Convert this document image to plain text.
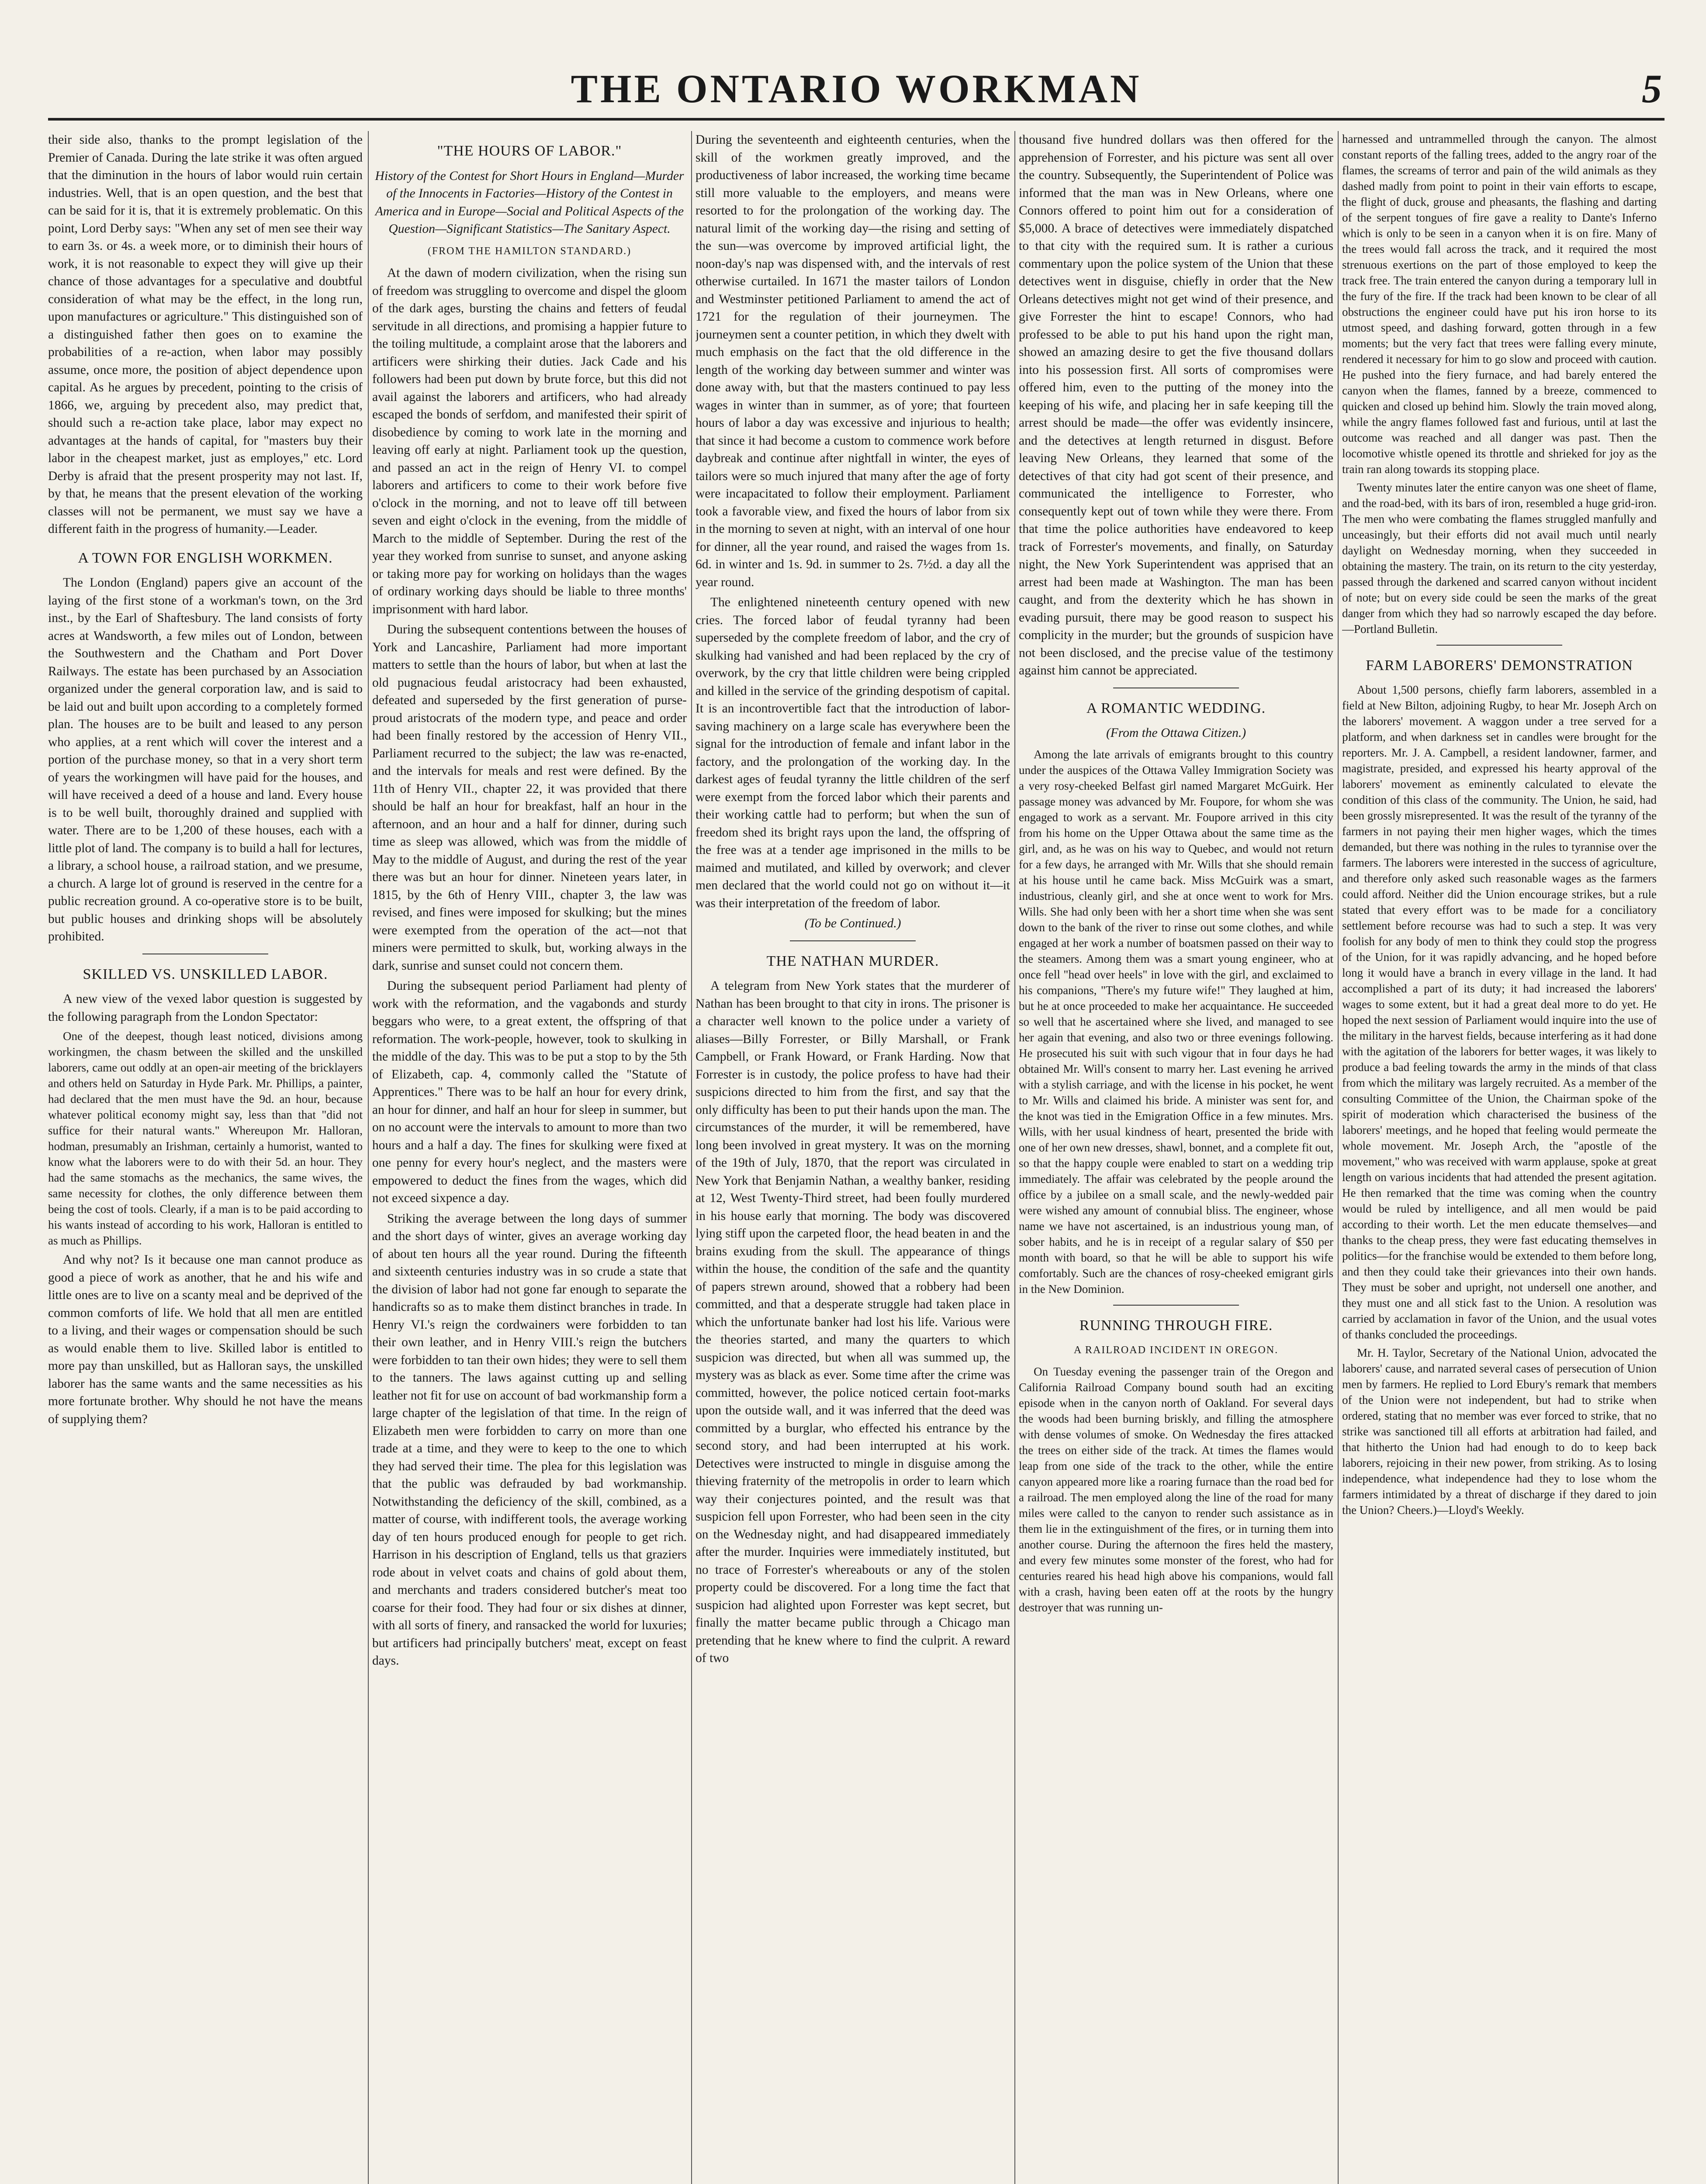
THE ONTARIO WORKMAN	5

their side also, thanks to the prompt legislation of the Premier of Canada. During the late strike it was often argued that the diminution in the hours of labor would ruin certain industries. Well, that is an open question, and the best that can be said for it is, that it is extremely problematic. On this point, Lord Derby says: "When any set of men see their way to earn 3s. or 4s. a week more, or to diminish their hours of work, it is not reasonable to expect they will give up their chance of those advantages for a speculative and doubtful consideration of what may be the effect, in the long run, upon manufactures or agriculture." This distinguished son of a distinguished father then goes on to examine the probabilities of a re-action, when labor may possibly assume, once more, the position of abject dependence upon capital. As he argues by precedent, pointing to the crisis of 1866, we, arguing by precedent also, may predict that, should such a re-action take place, labor may expect no advantages at the hands of capital, for "masters buy their labor in the cheapest market, just as employes," etc. Lord Derby is afraid that the present prosperity may not last. If, by that, he means that the present elevation of the working classes will not be permanent, we must say we have a different faith in the progress of humanity.—Leader.

A TOWN FOR ENGLISH WORKMEN.

The London (England) papers give an account of the laying of the first stone of a workman's town, on the 3rd inst., by the Earl of Shaftesbury. The land consists of forty acres at Wandsworth, a few miles out of London, between the Southwestern and the Chatham and Port Dover Railways. The estate has been purchased by an Association organized under the general corporation law, and is said to be laid out and built upon according to a completely formed plan. The houses are to be built and leased to any person who applies, at a rent which will cover the interest and a portion of the purchase money, so that in a very short term of years the workingmen will have paid for the houses, and will have received a deed of a house and land. Every house is to be well built, thoroughly drained and supplied with water. There are to be 1,200 of these houses, each with a little plot of land. The company is to build a hall for lectures, a library, a school house, a railroad station, and we presume, a church. A large lot of ground is reserved in the centre for a public recreation ground. A co-operative store is to be built, but public houses and drinking shops will be absolutely prohibited.

SKILLED VS. UNSKILLED LABOR.

A new view of the vexed labor question is suggested by the following paragraph from the London Spectator:

One of the deepest, though least noticed, divisions among workingmen, the chasm between the skilled and the unskilled laborers, came out oddly at an open-air meeting of the bricklayers and others held on Saturday in Hyde Park. Mr. Phillips, a painter, had declared that the men must have the 9d. an hour, because whatever political economy might say, less than that "did not suffice for their natural wants." Whereupon Mr. Halloran, hodman, presumably an Irishman, certainly a humorist, wanted to know what the laborers were to do with their 5d. an hour. They had the same stomachs as the mechanics, the same wives, the same necessity for clothes, the only difference between them being the cost of tools. Clearly, if a man is to be paid according to his wants instead of according to his work, Halloran is entitled to as much as Phillips.

And why not? Is it because one man cannot produce as good a piece of work as another, that he and his wife and little ones are to live on a scanty meal and be deprived of the common comforts of life. We hold that all men are entitled to a living, and their wages or compensation should be such as would enable them to live. Skilled labor is entitled to more pay than unskilled, but as Halloran says, the unskilled laborer has the same wants and the same necessities as his more fortunate brother. Why should he not have the means of supplying them?

"THE HOURS OF LABOR."

History of the Contest for Short Hours in England—Murder of the Innocents in Factories—History of the Contest in America and in Europe—Social and Political Aspects of the Question—Significant Statistics—The Sanitary Aspect.

(FROM THE HAMILTON STANDARD.)

At the dawn of modern civilization, when the rising sun of freedom was struggling to overcome and dispel the gloom of the dark ages, bursting the chains and fetters of feudal servitude in all directions, and promising a happier future to the toiling multitude, a complaint arose that the laborers and artificers were shirking their duties. Jack Cade and his followers had been put down by brute force, but this did not avail against the laborers and artificers, who had already escaped the bonds of serfdom, and manifested their spirit of disobedience by coming to work late in the morning and leaving off early at night. Parliament took up the question, and passed an act in the reign of Henry VI. to compel laborers and artificers to come to their work before five o'clock in the morning, and not to leave off till between seven and eight o'clock in the evening, from the middle of March to the middle of September. During the rest of the year they worked from sunrise to sunset, and anyone asking or taking more pay for working on holidays than the wages of ordinary working days should be liable to three months' imprisonment with hard labor.

During the subsequent contentions between the houses of York and Lancashire, Parliament had more important matters to settle than the hours of labor, but when at last the old pugnacious feudal aristocracy had been exhausted, defeated and superseded by the first generation of purse-proud aristocrats of the modern type, and peace and order had been finally restored by the accession of Henry VII., Parliament recurred to the subject; the law was re-enacted, and the intervals for meals and rest were defined. By the 11th of Henry VII., chapter 22, it was provided that there should be half an hour for breakfast, half an hour in the afternoon, and an hour and a half for dinner, during such time as sleep was allowed, which was from the middle of May to the middle of August, and during the rest of the year there was but an hour for dinner. Nineteen years later, in 1815, by the 6th of Henry VIII., chapter 3, the law was revised, and fines were imposed for skulking; but the mines were exempted from the operation of the act—not that miners were permitted to skulk, but, working always in the dark, sunrise and sunset could not concern them.

During the subsequent period Parliament had plenty of work with the reformation, and the vagabonds and sturdy beggars who were, to a great extent, the offspring of that reformation. The work-people, however, took to skulking in the middle of the day. This was to be put a stop to by the 5th of Elizabeth, cap. 4, commonly called the "Statute of Apprentices." There was to be half an hour for every drink, an hour for dinner, and half an hour for sleep in summer, but on no account were the intervals to amount to more than two hours and a half a day. The fines for skulking were fixed at one penny for every hour's neglect, and the masters were empowered to deduct the fines from the wages, which did not exceed sixpence a day.

Striking the average between the long days of summer and the short days of winter, gives an average working day of about ten hours all the year round. During the fifteenth and sixteenth centuries industry was in so crude a state that the division of labor had not gone far enough to separate the handicrafts so as to make them distinct branches in trade. In Henry VI.'s reign the cordwainers were forbidden to tan their own leather, and in Henry VIII.'s reign the butchers were forbidden to tan their own hides; they were to sell them to the tanners. The laws against cutting up and selling leather not fit for use on account of bad workmanship form a large chapter of the legislation of that time. In the reign of Elizabeth men were forbidden to carry on more than one trade at a time, and they were to keep to the one to which they had served their time. The plea for this legislation was that the public was defrauded by bad workmanship. Notwithstanding the deficiency of the skill, combined, as a matter of course, with indifferent tools, the average working day of ten hours produced enough for people to get rich. Harrison in his description of England, tells us that graziers rode about in velvet coats and chains of gold about them, and merchants and traders considered butcher's meat too coarse for their food. They had four or six dishes at dinner, with all sorts of finery, and ransacked the world for luxuries; but artificers had principally butchers' meat, except on feast days.

During the seventeenth and eighteenth centuries, when the skill of the workmen greatly improved, and the productiveness of labor increased, the working time became still more valuable to the employers, and means were resorted to for the prolongation of the working day. The natural limit of the working day—the rising and setting of the sun—was overcome by improved artificial light, the noon-day's nap was dispensed with, and the intervals of rest otherwise curtailed. In 1671 the master tailors of London and Westminster petitioned Parliament to amend the act of 1721 for the regulation of their journeymen. The journeymen sent a counter petition, in which they dwelt with much emphasis on the fact that the old difference in the length of the working day between summer and winter was done away with, but that the masters continued to pay less wages in winter than in summer, as of yore; that fourteen hours of labor a day was excessive and injurious to health; that since it had become a custom to commence work before daybreak and continue after nightfall in winter, the eyes of tailors were so much injured that many after the age of forty were incapacitated to follow their employment. Parliament took a favorable view, and fixed the hours of labor from six in the morning to seven at night, with an interval of one hour for dinner, all the year round, and raised the wages from 1s. 6d. in winter and 1s. 9d. in summer to 2s. 7½d. a day all the year round.

The enlightened nineteenth century opened with new cries. The forced labor of feudal tyranny had been superseded by the complete freedom of labor, and the cry of skulking had vanished and had been replaced by the cry of overwork, by the cry that little children were being crippled and killed in the service of the grinding despotism of capital. It is an incontrovertible fact that the introduction of labor-saving machinery on a large scale has everywhere been the signal for the introduction of female and infant labor in the factory, and the prolongation of the working day. In the darkest ages of feudal tyranny the little children of the serf were exempt from the forced labor which their parents and their working cattle had to perform; but when the sun of freedom shed its bright rays upon the land, the offspring of the free was at a tender age imprisoned in the mills to be maimed and mutilated, and killed by overwork; and clever men declared that the world could not go on without it—it was their interpretation of the freedom of labor.

(To be Continued.)

THE NATHAN MURDER.

A telegram from New York states that the murderer of Nathan has been brought to that city in irons. The prisoner is a character well known to the police under a variety of aliases—Billy Forrester, or Billy Marshall, or Frank Campbell, or Frank Howard, or Frank Harding. Now that Forrester is in custody, the police profess to have had their suspicions directed to him from the first, and say that the only difficulty has been to put their hands upon the man. The circumstances of the murder, it will be remembered, have long been involved in great mystery. It was on the morning of the 19th of July, 1870, that the report was circulated in New York that Benjamin Nathan, a wealthy banker, residing at 12, West Twenty-Third street, had been foully murdered in his house early that morning. The body was discovered lying stiff upon the carpeted floor, the head beaten in and the brains exuding from the skull. The appearance of things within the house, the condition of the safe and the quantity of papers strewn around, showed that a robbery had been committed, and that a desperate struggle had taken place in which the unfortunate banker had lost his life. Various were the theories started, and many the quarters to which suspicion was directed, but when all was summed up, the mystery was as black as ever. Some time after the crime was committed, however, the police noticed certain foot-marks upon the outside wall, and it was inferred that the deed was committed by a burglar, who effected his entrance by the second story, and had been interrupted at his work. Detectives were instructed to mingle in disguise among the thieving fraternity of the metropolis in order to learn which way their conjectures pointed, and the result was that suspicion fell upon Forrester, who had been seen in the city on the Wednesday night, and had disappeared immediately after the murder. Inquiries were immediately instituted, but no trace of Forrester's whereabouts or any of the stolen property could be discovered. For a long time the fact that suspicion had alighted upon Forrester was kept secret, but finally the matter became public through a Chicago man pretending that he knew where to find the culprit. A reward of two

thousand five hundred dollars was then offered for the apprehension of Forrester, and his picture was sent all over the country. Subsequently, the Superintendent of Police was informed that the man was in New Orleans, where one Connors offered to point him out for a consideration of $5,000. A brace of detectives were immediately dispatched to that city with the required sum. It is rather a curious commentary upon the police system of the Union that these detectives went in disguise, chiefly in order that the New Orleans detectives might not get wind of their presence, and give Forrester the hint to escape! Connors, who had professed to be able to put his hand upon the right man, showed an amazing desire to get the five thousand dollars into his possession first. All sorts of compromises were offered him, even to the putting of the money into the keeping of his wife, and placing her in safe keeping till the arrest should be made—the offer was evidently insincere, and the detectives at length returned in disgust. Before leaving New Orleans, they learned that some of the detectives of that city had got scent of their presence, and communicated the intelligence to Forrester, who consequently kept out of town while they were there. From that time the police authorities have endeavored to keep track of Forrester's movements, and finally, on Saturday night, the New York Superintendent was apprised that an arrest had been made at Washington. The man has been caught, and from the dexterity which he has shown in evading pursuit, there may be good reason to suspect his complicity in the murder; but the grounds of suspicion have not been disclosed, and the precise value of the testimony against him cannot be appreciated.

A ROMANTIC WEDDING.

(From the Ottawa Citizen.)

Among the late arrivals of emigrants brought to this country under the auspices of the Ottawa Valley Immigration Society was a very rosy-cheeked Belfast girl named Margaret McGuirk. Her passage money was advanced by Mr. Foupore, for whom she was engaged to work as a servant. Mr. Foupore arrived in this city from his home on the Upper Ottawa about the same time as the girl, and, as he was on his way to Quebec, and would not return for a few days, he arranged with Mr. Wills that she should remain at his house until he came back. Miss McGuirk was a smart, industrious, cleanly girl, and she at once went to work for Mrs. Wills. She had only been with her a short time when she was sent down to the bank of the river to rinse out some clothes, and while engaged at her work a number of boatsmen passed on their way to the steamers. Among them was a smart young engineer, who at once fell "head over heels" in love with the girl, and exclaimed to his companions, "There's my future wife!" They laughed at him, but he at once proceeded to make her acquaintance. He succeeded so well that he ascertained where she lived, and managed to see her again that evening, and also two or three evenings following. He prosecuted his suit with such vigour that in four days he had obtained Mr. Will's consent to marry her. Last evening he arrived with a stylish carriage, and with the license in his pocket, he went to Mr. Wills and claimed his bride. A minister was sent for, and the knot was tied in the Emigration Office in a few minutes. Mrs. Wills, with her usual kindness of heart, presented the bride with one of her own new dresses, shawl, bonnet, and a complete fit out, so that the happy couple were enabled to start on a wedding trip immediately. The affair was celebrated by the people around the office by a jubilee on a small scale, and the newly-wedded pair were wished any amount of connubial bliss. The engineer, whose name we have not ascertained, is an industrious young man, of sober habits, and he is in receipt of a regular salary of $50 per month with board, so that he will be able to support his wife comfortably. Such are the chances of rosy-cheeked emigrant girls in the New Dominion.

RUNNING THROUGH FIRE.

A RAILROAD INCIDENT IN OREGON.

On Tuesday evening the passenger train of the Oregon and California Railroad Company bound south had an exciting episode when in the canyon north of Oakland. For several days the woods had been burning briskly, and filling the atmosphere with dense volumes of smoke. On Wednesday the fires attacked the trees on either side of the track. At times the flames would leap from one side of the track to the other, while the entire canyon appeared more like a roaring furnace than the road bed for a railroad. The men employed along the line of the road for many miles were called to the canyon to render such assistance as in them lie in the extinguishment of the fires, or in turning them into another course. During the afternoon the fires held the mastery, and every few minutes some monster of the forest, who had for centuries reared his head high above his companions, would fall with a crash, having been eaten off at the roots by the hungry destroyer that was running un-

harnessed and untrammelled through the canyon. The almost constant reports of the falling trees, added to the angry roar of the flames, the screams of terror and pain of the wild animals as they dashed madly from point to point in their vain efforts to escape, the flight of duck, grouse and pheasants, the flashing and darting of the serpent tongues of fire gave a reality to Dante's Inferno which is only to be seen in a canyon when it is on fire. Many of the trees would fall across the track, and it required the most strenuous exertions on the part of those employed to keep the track free. The train entered the canyon during a temporary lull in the fury of the fire. If the track had been known to be clear of all obstructions the engineer could have put his iron horse to its utmost speed, and dashing forward, gotten through in a few moments; but the very fact that trees were falling every minute, rendered it necessary for him to go slow and proceed with caution. He pushed into the fiery furnace, and had barely entered the canyon when the flames, fanned by a breeze, commenced to quicken and closed up behind him. Slowly the train moved along, while the angry flames followed fast and furious, until at last the outcome was reached and all danger was past. Then the locomotive whistle opened its throttle and shrieked for joy as the train ran along towards its stopping place.

Twenty minutes later the entire canyon was one sheet of flame, and the road-bed, with its bars of iron, resembled a huge grid-iron. The men who were combating the flames struggled manfully and unceasingly, but their efforts did not avail much until nearly daylight on Wednesday morning, when they succeeded in obtaining the mastery. The train, on its return to the city yesterday, passed through the darkened and scarred canyon without incident of note; but on every side could be seen the marks of the great danger from which they had so narrowly escaped the day before.—Portland Bulletin.

FARM LABORERS' DEMONSTRATION

About 1,500 persons, chiefly farm laborers, assembled in a field at New Bilton, adjoining Rugby, to hear Mr. Joseph Arch on the laborers' movement. A waggon under a tree served for a platform, and when darkness set in candles were brought for the reporters. Mr. J. A. Campbell, a resident landowner, farmer, and magistrate, presided, and expressed his hearty approval of the laborers' movement as eminently calculated to elevate the condition of this class of the community. The Union, he said, had been grossly misrepresented. It was the result of the tyranny of the farmers in not paying their men higher wages, which the times demanded, but there was nothing in the rules to tyrannise over the farmers. The laborers were interested in the success of agriculture, and therefore only asked such reasonable wages as the farmers could afford. Neither did the Union encourage strikes, but a rule stated that every effort was to be made for a conciliatory settlement before recourse was had to such a step. It was very foolish for any body of men to think they could stop the progress of the Union, for it was rapidly advancing, and he hoped before long it would have a branch in every village in the land. It had accomplished a part of its duty; it had increased the laborers' wages to some extent, but it had a great deal more to do yet. He hoped the next session of Parliament would inquire into the use of the military in the harvest fields, because interfering as it had done with the agitation of the laborers for better wages, it was likely to produce a bad feeling towards the army in the minds of that class from which the military was largely recruited. As a member of the consulting Committee of the Union, the Chairman spoke of the spirit of moderation which characterised the business of the laborers' meetings, and he hoped that feeling would permeate the whole movement. Mr. Joseph Arch, the "apostle of the movement," who was received with warm applause, spoke at great length on various incidents that had attended the present agitation. He then remarked that the time was coming when the country would be ruled by intelligence, and all men would be paid according to their worth. Let the men educate themselves—and thanks to the cheap press, they were fast educating themselves in politics—for the franchise would be extended to them before long, and then they could take their grievances into their own hands. They must be sober and upright, not undersell one another, and they must one and all stick fast to the Union. A resolution was carried by acclamation in favor of the Union, and the usual votes of thanks concluded the proceedings.

Mr. H. Taylor, Secretary of the National Union, advocated the laborers' cause, and narrated several cases of persecution of Union men by farmers. He replied to Lord Ebury's remark that members of the Union were not independent, but had to strike when ordered, stating that no member was ever forced to strike, that no strike was sanctioned till all efforts at arbitration had failed, and that hitherto the Union had had enough to do to keep back laborers, rejoicing in their new power, from striking. As to losing independence, what independence had they to lose whom the farmers intimidated by a threat of discharge if they dared to join the Union? Cheers.)—Lloyd's Weekly.
